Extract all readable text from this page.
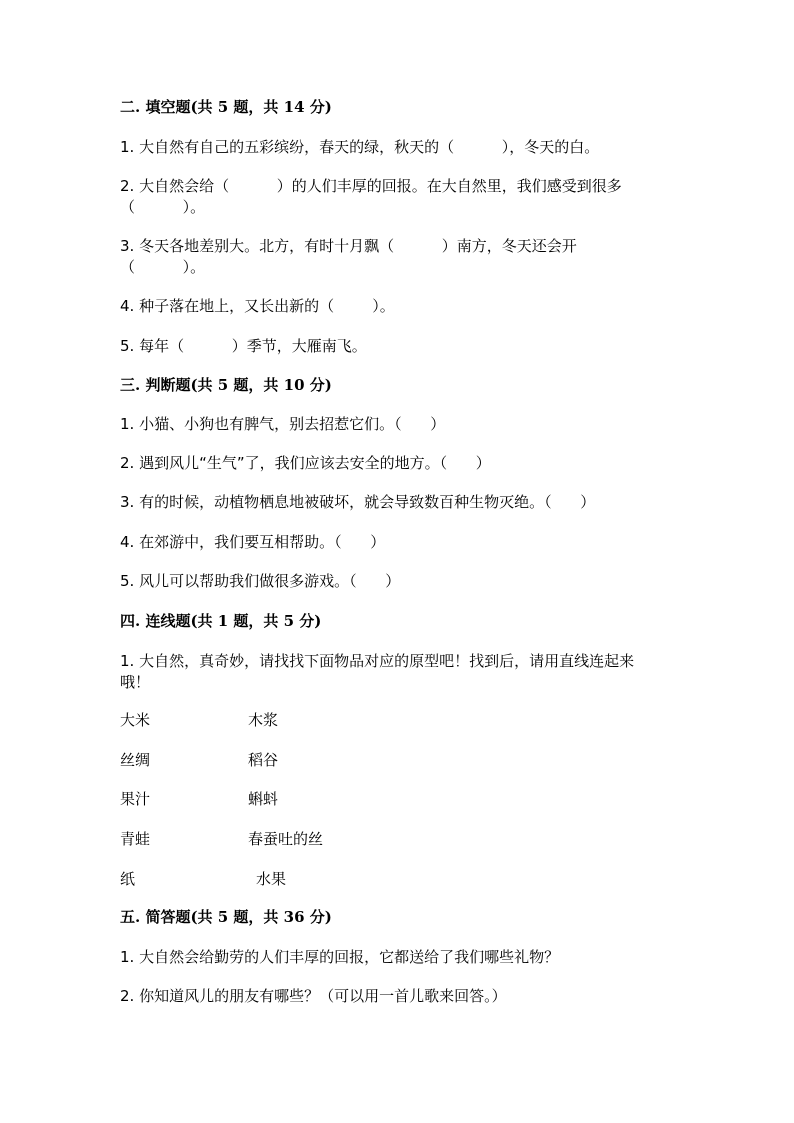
二. 填空题(共 5 题，共 14 分)
1. 大自然有自己的五彩缤纷，春天的绿，秋天的（          ），冬天的白。
2. 大自然会给（          ）的人们丰厚的回报。在大自然里，我们感受到很多
（          ）。
3. 冬天各地差别大。北方，有时十月飘（          ）南方，冬天还会开
（          ）。
4. 种子落在地上，又长出新的（        ）。
5. 每年（          ）季节，大雁南飞。
三. 判断题(共 5 题，共 10 分)
1. 小猫、小狗也有脾气，别去招惹它们。（      ）
2. 遇到风儿“生气”了，我们应该去安全的地方。（      ）
3. 有的时候，动植物栖息地被破坏，就会导致数百种生物灭绝。（      ）
4. 在郊游中，我们要互相帮助。（      ）
5. 风儿可以帮助我们做很多游戏。（      ）
四. 连线题(共 1 题，共 5 分)
1. 大自然，真奇妙，请找找下面物品对应的原型吧！找到后，请用直线连起来
哦！
大米	木浆
丝绸	稻谷
果汁	蝌蚪
青蛙	春蚕吐的丝
纸	水果
五. 简答题(共 5 题，共 36 分)
1. 大自然会给勤劳的人们丰厚的回报，它都送给了我们哪些礼物？
2. 你知道风儿的朋友有哪些？（可以用一首儿歌来回答。）
